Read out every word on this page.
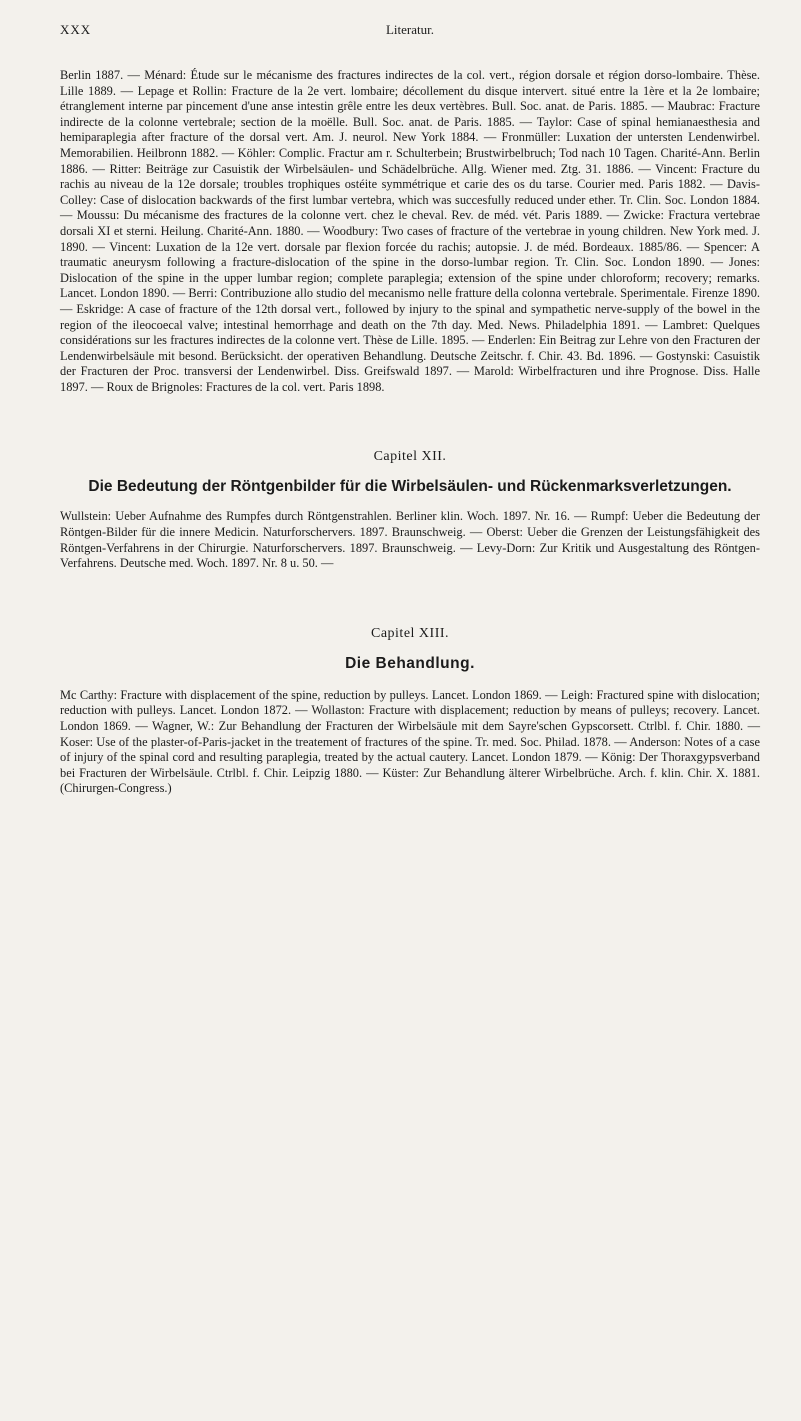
XXX	Literatur.

Berlin 1887. — Ménard: Étude sur le mécanisme des fractures indirectes de la col. vert., région dorsale et région dorso-lombaire. Thèse. Lille 1889. — Lepage et Rollin: Fracture de la 2e vert. lombaire; décollement du disque intervert. situé entre la 1ère et la 2e lombaire; étranglement interne par pincement d'une anse intestin grêle entre les deux vertèbres. Bull. Soc. anat. de Paris. 1885. — Maubrac: Fracture indirecte de la colonne vertebrale; section de la moëlle. Bull. Soc. anat. de Paris. 1885. — Taylor: Case of spinal hemianaesthesia and hemiparaplegia after fracture of the dorsal vert. Am. J. neurol. New York 1884. — Fronmüller: Luxation der untersten Lendenwirbel. Memorabilien. Heilbronn 1882. — Köhler: Complic. Fractur am r. Schulterbein; Brustwirbelbruch; Tod nach 10 Tagen. Charité-Ann. Berlin 1886. — Ritter: Beiträge zur Casuistik der Wirbelsäulen- und Schädelbrüche. Allg. Wiener med. Ztg. 31. 1886. — Vincent: Fracture du rachis au niveau de la 12e dorsale; troubles trophiques ostéite symmétrique et carie des os du tarse. Courier med. Paris 1882. — Davis-Colley: Case of dislocation backwards of the first lumbar vertebra, which was succesfully reduced under ether. Tr. Clin. Soc. London 1884. — Moussu: Du mécanisme des fractures de la colonne vert. chez le cheval. Rev. de méd. vét. Paris 1889. — Zwicke: Fractura vertebrae dorsali XI et sterni. Heilung. Charité-Ann. 1880. — Woodbury: Two cases of fracture of the vertebrae in young children. New York med. J. 1890. — Vincent: Luxation de la 12e vert. dorsale par flexion forcée du rachis; autopsie. J. de méd. Bordeaux. 1885/86. — Spencer: A traumatic aneurysm following a fracture-dislocation of the spine in the dorso-lumbar region. Tr. Clin. Soc. London 1890. — Jones: Dislocation of the spine in the upper lumbar region; complete paraplegia; extension of the spine under chloroform; recovery; remarks. Lancet. London 1890. — Berri: Contribuzione allo studio del mecanismo nelle fratture della colonna vertebrale. Sperimentale. Firenze 1890. — Eskridge: A case of fracture of the 12th dorsal vert., followed by injury to the spinal and sympathetic nerve-supply of the bowel in the region of the ileocoecal valve; intestinal hemorrhage and death on the 7th day. Med. News. Philadelphia 1891. — Lambret: Quelques considérations sur les fractures indirectes de la colonne vert. Thèse de Lille. 1895. — Enderlen: Ein Beitrag zur Lehre von den Fracturen der Lendenwirbelsäule mit besond. Berücksicht. der operativen Behandlung. Deutsche Zeitschr. f. Chir. 43. Bd. 1896. — Gostynski: Casuistik der Fracturen der Proc. transversi der Lendenwirbel. Diss. Greifswald 1897. — Marold: Wirbelfracturen und ihre Prognose. Diss. Halle 1897. — Roux de Brignoles: Fractures de la col. vert. Paris 1898.

Capitel XII.

Die Bedeutung der Röntgenbilder für die Wirbelsäulen- und Rückenmarksverletzungen.

Wullstein: Ueber Aufnahme des Rumpfes durch Röntgenstrahlen. Berliner klin. Woch. 1897. Nr. 16. — Rumpf: Ueber die Bedeutung der Röntgen-Bilder für die innere Medicin. Naturforschervers. 1897. Braunschweig. — Oberst: Ueber die Grenzen der Leistungsfähigkeit des Röntgen-Verfahrens in der Chirurgie. Naturforschervers. 1897. Braunschweig. — Levy-Dorn: Zur Kritik und Ausgestaltung des Röntgen-Verfahrens. Deutsche med. Woch. 1897. Nr. 8 u. 50. —

Capitel XIII.

Die Behandlung.

Mc Carthy: Fracture with displacement of the spine, reduction by pulleys. Lancet. London 1869. — Leigh: Fractured spine with dislocation; reduction with pulleys. Lancet. London 1872. — Wollaston: Fracture with displacement; reduction by means of pulleys; recovery. Lancet. London 1869. — Wagner, W.: Zur Behandlung der Fracturen der Wirbelsäule mit dem Sayre'schen Gypscorsett. Ctrlbl. f. Chir. 1880. — Koser: Use of the plaster-of-Paris-jacket in the treatement of fractures of the spine. Tr. med. Soc. Philad. 1878. — Anderson: Notes of a case of injury of the spinal cord and resulting paraplegia, treated by the actual cautery. Lancet. London 1879. — König: Der Thoraxgypsverband bei Fracturen der Wirbelsäule. Ctrlbl. f. Chir. Leipzig 1880. — Küster: Zur Behandlung älterer Wirbelbrüche. Arch. f. klin. Chir. X. 1881. (Chirurgen-Congress.)
